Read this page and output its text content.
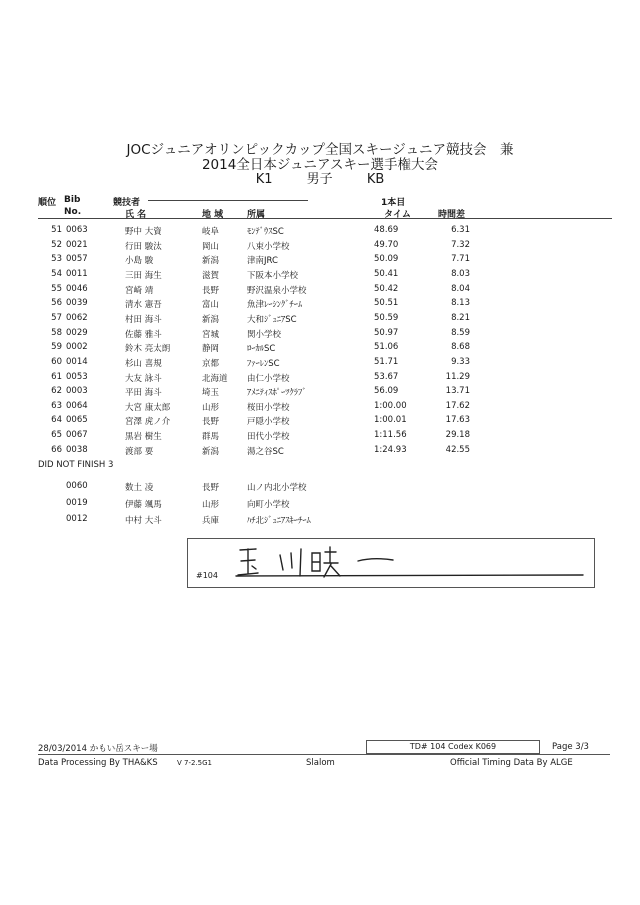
JOCジュニアオリンピックカップ全国スキージュニア競技会　兼
2014全日本ジュニアスキー選手権大会
K1	男子	KB
順位 Bib
No.
競技者
氏 名	地 域	所属
1本目
タイム	時間差
51 0063	野中 大資	岐阜	ﾓﾝﾃﾞｳｽSC	48.69	6.31
52 0021	行田 駿汰	岡山	八束小学校	49.70	7.32
53 0057	小島 駿	新潟	津南JRC	50.09	7.71
54 0011	三田 海生	滋賀	下阪本小学校	50.41	8.03
55 0046	宮崎 靖	長野	野沢温泉小学校	50.42	8.04
56 0039	清水 憲吾	富山	魚津ﾚｰｼﾝｸﾞﾁｰﾑ	50.51	8.13
57 0062	村田 海斗	新潟	大和ｼﾞｭﾆｱSC	50.59	8.21
58 0029	佐藤 雅斗	宮城	関小学校	50.97	8.59
59 0002	鈴木 亮太朗	静岡	ﾛｰｶﾙSC	51.06	8.68
60 0014	杉山 喜規	京都	ﾌｧｰﾚﾝSC	51.71	9.33
61 0053	大友 詠斗	北海道 由仁小学校	53.67	11.29
62 0003	平田 海斗	埼玉	ｱﾒﾆﾃｨｽﾎﾟｰﾂｸﾗﾌﾞ	56.09	13.71
63 0064	大宮 康太郎	山形	桜田小学校	1:00.00	17.62
64 0065	宮澤 虎ノ介	長野	戸隠小学校	1:00.01	17.63
65 0067	黒岩 樹生	群馬	田代小学校	1:11.56	29.18
66 0038	渡部 要	新潟	湯之谷SC	1:24.93	42.55
DID NOT FINISH 3
0060	数土 凌	長野	山ノ内北小学校
0019	伊藤 颯馬	山形	向町小学校
0012	中村 大斗	兵庫	ﾊﾁ北ｼﾞｭﾆｱｽｷｰﾁｰﾑ
#104
28/03/2014 かもい岳スキー場	TD# 104 Codex K069	Page 3/3
Data Processing By THA&KS	V 7-2.5G1	Slalom	Official Timing Data By ALGE
